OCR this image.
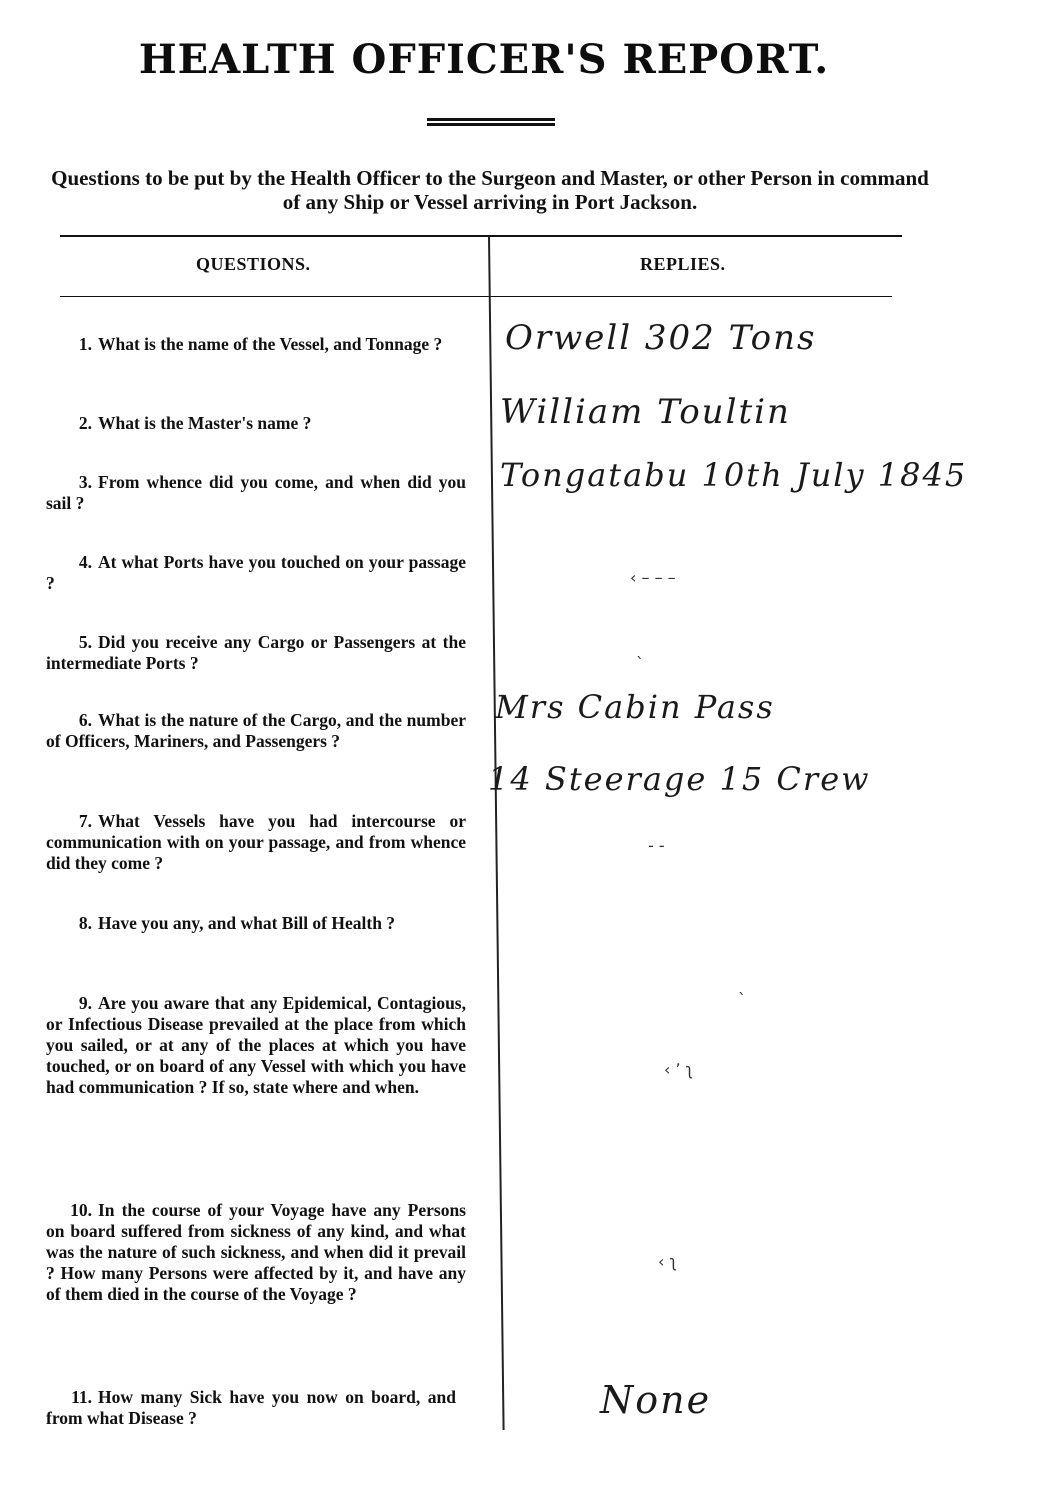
HEALTH OFFICER'S REPORT.
Questions to be put by the Health Officer to the Surgeon and Master, or other Person in command of any Ship or Vessel arriving in Port Jackson.
QUESTIONS.	REPLIES.
1. What is the name of the Vessel, and Tonnage ?
2. What is the Master's name ?
3. From whence did you come, and when did you sail ?
4. At what Ports have you touched on your passage ?
5. Did you receive any Cargo or Passengers at the intermediate Ports ?
6. What is the nature of the Cargo, and the number of Officers, Mariners, and Passengers ?
7. What Vessels have you had intercourse or communication with on your passage, and from whence did they come ?
8. Have you any, and what Bill of Health ?
9. Are you aware that any Epidemical, Contagious, or Infectious Disease prevailed at the place from which you sailed, or at any of the places at which you have touched, or on board of any Vessel with which you have had communication ? If so, state where and when.
10. In the course of your Voyage have any Persons on board suffered from sickness of any kind, and what was the nature of such sickness, and when did it prevail ? How many Persons were affected by it, and have any of them died in the course of the Voyage ?
11. How many Sick have you now on board, and from what Disease ?
Orwell 302 Tons
William Toultin
Tongatabu 10th July 1845
Mrs Cabin Pass
14 Steerage 15 Crew
None
‹ – – –
ˎ
- -
ˋ
‹ ʼ ʅ
‹ ʅ
